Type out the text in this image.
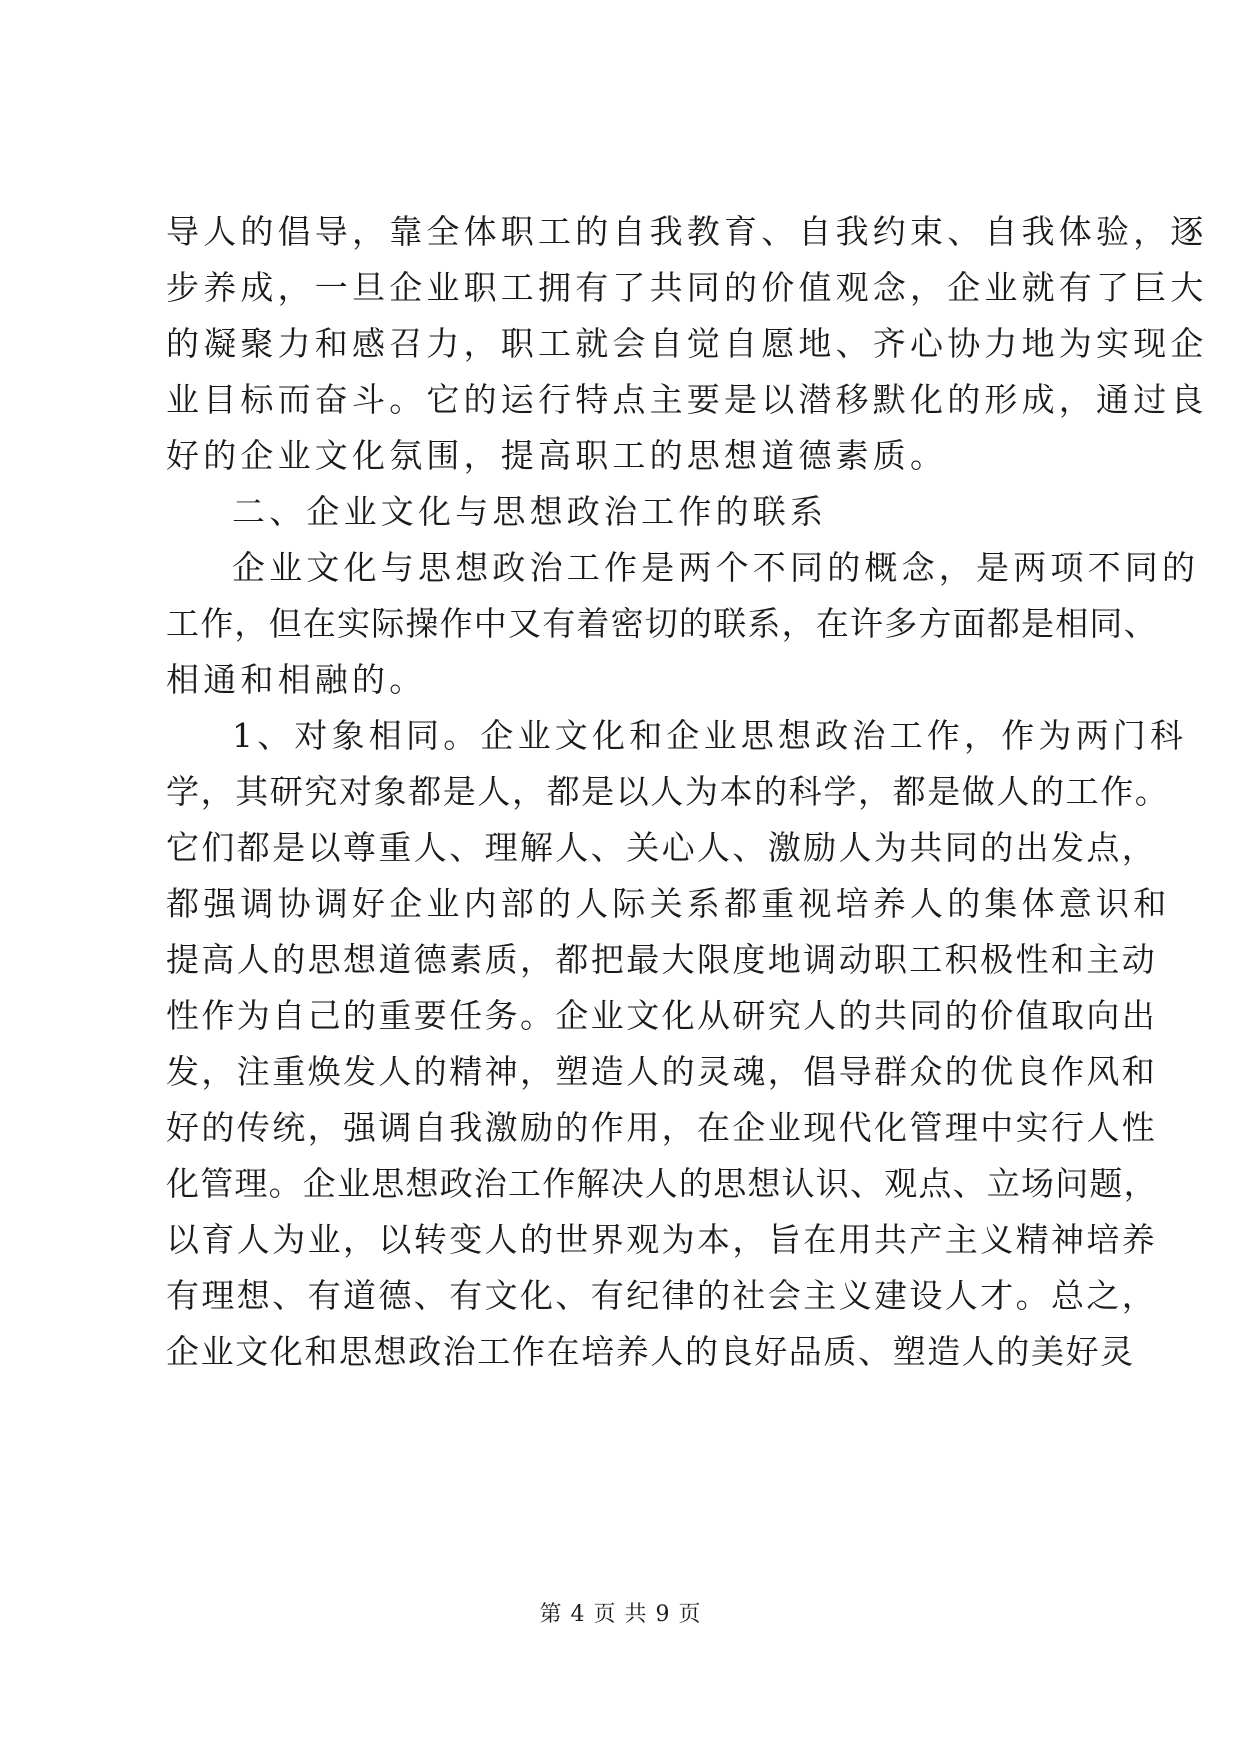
导人的倡导，靠全体职工的自我教育、自我约束、自我体验，逐
步养成，一旦企业职工拥有了共同的价值观念，企业就有了巨大
的凝聚力和感召力，职工就会自觉自愿地、齐心协力地为实现企
业目标而奋斗。它的运行特点主要是以潜移默化的形成，通过良
好的企业文化氛围，提高职工的思想道德素质。
二、企业文化与思想政治工作的联系
企业文化与思想政治工作是两个不同的概念，是两项不同的
工作，但在实际操作中又有着密切的联系，在许多方面都是相同、
相通和相融的。
1、对象相同。企业文化和企业思想政治工作，作为两门科
学，其研究对象都是人，都是以人为本的科学，都是做人的工作。
它们都是以尊重人、理解人、关心人、激励人为共同的出发点，
都强调协调好企业内部的人际关系都重视培养人的集体意识和
提高人的思想道德素质，都把最大限度地调动职工积极性和主动
性作为自己的重要任务。企业文化从研究人的共同的价值取向出
发，注重焕发人的精神，塑造人的灵魂，倡导群众的优良作风和
好的传统，强调自我激励的作用，在企业现代化管理中实行人性
化管理。企业思想政治工作解决人的思想认识、观点、立场问题，
以育人为业，以转变人的世界观为本，旨在用共产主义精神培养
有理想、有道德、有文化、有纪律的社会主义建设人才。总之，
企业文化和思想政治工作在培养人的良好品质、塑造人的美好灵
第 4 页 共 9 页
